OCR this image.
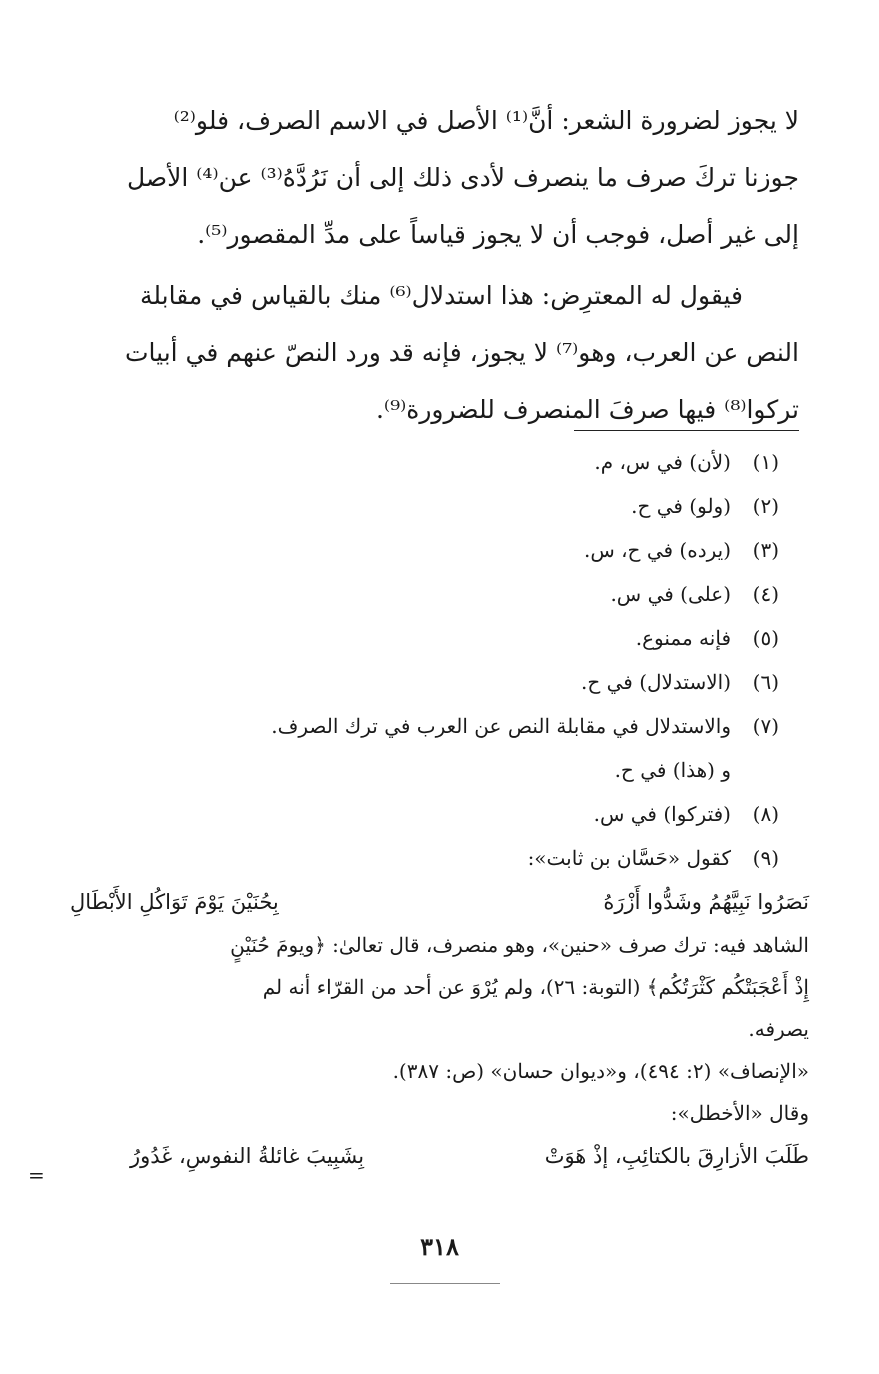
لا يجوز لضرورة الشعر: أنَّ⁽¹⁾ الأصل في الاسم الصرف، فلو⁽²⁾

جوزنا تركَ صرف ما ينصرف لأدى ذلك إلى أن نَرُدَّهُ⁽³⁾ عن⁽⁴⁾ الأصل

إلى غير أصل، فوجب أن لا يجوز قياساً على مدِّ المقصور⁽⁵⁾.

فيقول له المعترِض: هذا استدلال⁽⁶⁾ منك بالقياس في مقابلة

النص عن العرب، وهو⁽⁷⁾ لا يجوز، فإنه قد ورد النصّ عنهم في أبيات

تركوا⁽⁸⁾ فيها صرفَ المنصرف للضرورة⁽⁹⁾.

(١)
(لأن) في س، م.
(٢)
(ولو) في ح.
(٣)
(يرده) في ح، س.
(٤)
(على) في س.
(٥)
فإنه ممنوع.
(٦)
(الاستدلال) في ح.
(٧)
والاستدلال في مقابلة النص عن العرب في ترك الصرف.
و (هذا) في ح.
(٨)
(فتركوا) في س.
(٩)
كقول «حَسَّان بن ثابت»:
نَصَرُوا نَبِيَّهُمُ وشَدُّوا أَزْرَهُ
بِحُنَيْنَ يَوْمَ تَوَاكُلِ الأَبْطَالِ

الشاهد فيه: ترك صرف «حنين»، وهو منصرف، قال تعالىٰ: ﴿ويومَ حُنَيْنٍ

إِذْ أَعْجَبَتْكُم كَثْرَتُكُم﴾ (التوبة: ٢٦)، ولم يُرْوَ عن أحد من القرّاء أنه لم

يصرفه.

«الإنصاف» (٢: ٤٩٤)، و«ديوان حسان» (ص: ٣٨٧).

وقال «الأخطل»:

طَلَبَ الأزارِقَ بالكتائِبِ، إذْ هَوَتْ
بِشَبِيبَ غائلةُ النفوسِ، غَدُورُ
=
٣١٨
